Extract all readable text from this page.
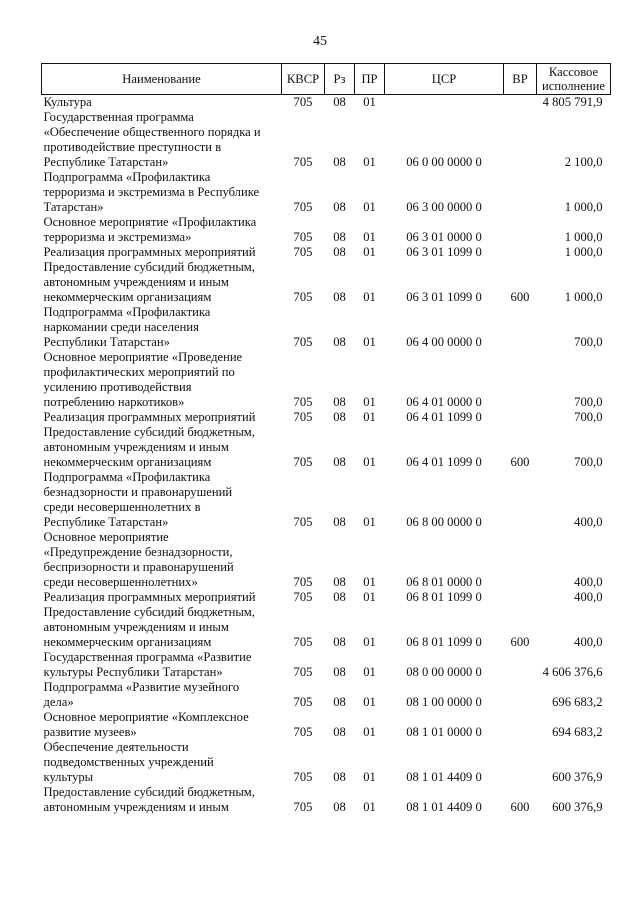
45
Наименование	КВСР	Рз	ПР	ЦСР	ВР	Кассовое исполнение

Культура	705	08	01			4 805 791,9

Государственная программа
«Обеспечение общественного порядка и
противодействие преступности в
Республике Татарстан»	705	08	01	06 0 00 0000 0		2 100,0

Подпрограмма «Профилактика
терроризма и экстремизма в Республике
Татарстан»	705	08	01	06 3 00 0000 0		1 000,0

Основное мероприятие «Профилактика
терроризма и экстремизма»	705	08	01	06 3 01 0000 0		1 000,0

Реализация программных мероприятий	705	08	01	06 3 01 1099 0		1 000,0

Предоставление субсидий бюджетным,
автономным учреждениям и иным
некоммерческим организациям	705	08	01	06 3 01 1099 0	600	1 000,0

Подпрограмма «Профилактика
наркомании среди населения
Республики Татарстан»	705	08	01	06 4 00 0000 0		700,0

Основное мероприятие «Проведение
профилактических мероприятий по
усилению противодействия
потреблению наркотиков»	705	08	01	06 4 01 0000 0		700,0

Реализация программных мероприятий	705	08	01	06 4 01 1099 0		700,0

Предоставление субсидий бюджетным,
автономным учреждениям и иным
некоммерческим организациям	705	08	01	06 4 01 1099 0	600	700,0

Подпрограмма «Профилактика
безнадзорности и правонарушений
среди несовершеннолетних в
Республике Татарстан»	705	08	01	06 8 00 0000 0		400,0

Основное мероприятие
«Предупреждение безнадзорности,
беспризорности и правонарушений
среди несовершеннолетних»	705	08	01	06 8 01 0000 0		400,0

Реализация программных мероприятий	705	08	01	06 8 01 1099 0		400,0

Предоставление субсидий бюджетным,
автономным учреждениям и иным
некоммерческим организациям	705	08	01	06 8 01 1099 0	600	400,0

Государственная программа «Развитие
культуры Республики Татарстан»	705	08	01	08 0 00 0000 0		4 606 376,6

Подпрограмма «Развитие музейного
дела»	705	08	01	08 1 00 0000 0		696 683,2

Основное мероприятие «Комплексное
развитие музеев»	705	08	01	08 1 01 0000 0		694 683,2

Обеспечение деятельности
подведомственных учреждений
культуры	705	08	01	08 1 01 4409 0		600 376,9

Предоставление субсидий бюджетным,
автономным учреждениям и иным	705	08	01	08 1 01 4409 0	600	600 376,9
